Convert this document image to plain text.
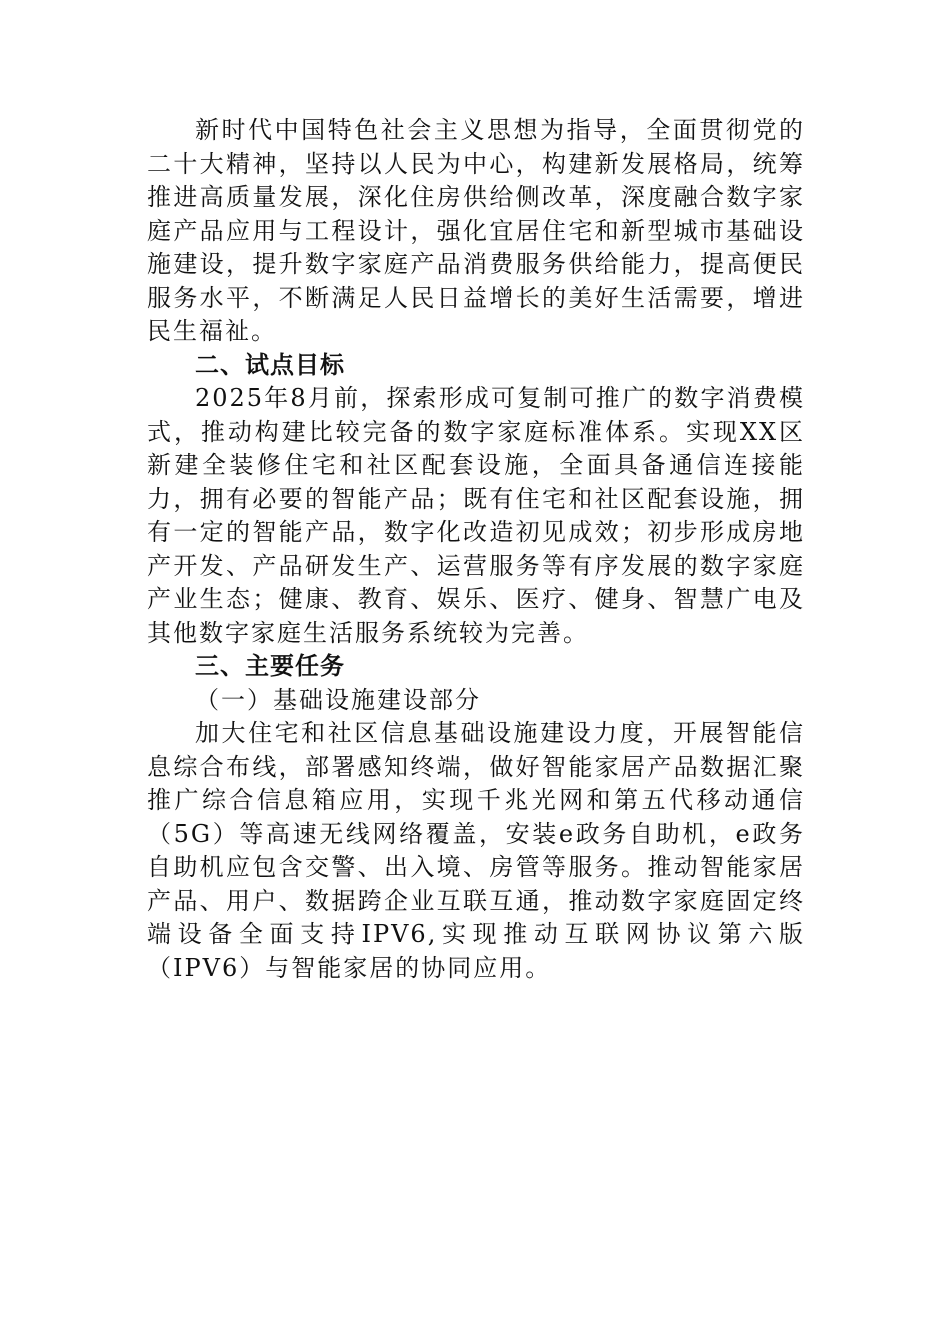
新时代中国特色社会主义思想为指导，全面贯彻党的二十大精神，坚持以人民为中心，构建新发展格局，统筹推进高质量发展，深化住房供给侧改革，深度融合数字家庭产品应用与工程设计，强化宜居住宅和新型城市基础设施建设，提升数字家庭产品消费服务供给能力，提高便民服务水平，不断满足人民日益增长的美好生活需要，增进民生福祉。

二、试点目标

2025年8月前，探索形成可复制可推广的数字消费模式，推动构建比较完备的数字家庭标准体系。实现XX区新建全装修住宅和社区配套设施，全面具备通信连接能力，拥有必要的智能产品；既有住宅和社区配套设施，拥有一定的智能产品，数字化改造初见成效；初步形成房地产开发、产品研发生产、运营服务等有序发展的数字家庭产业生态；健康、教育、娱乐、医疗、健身、智慧广电及其他数字家庭生活服务系统较为完善。

三、主要任务

（一）基础设施建设部分

加大住宅和社区信息基础设施建设力度，开展智能信息综合布线，部署感知终端，做好智能家居产品数据汇聚推广综合信息箱应用，实现千兆光网和第五代移动通信（5G）等高速无线网络覆盖，安装e政务自助机，e政务自助机应包含交警、出入境、房管等服务。推动智能家居产品、用户、数据跨企业互联互通，推动数字家庭固定终端设备全面支持IPV6,实现推动互联网协议第六版（IPV6）与智能家居的协同应用。
